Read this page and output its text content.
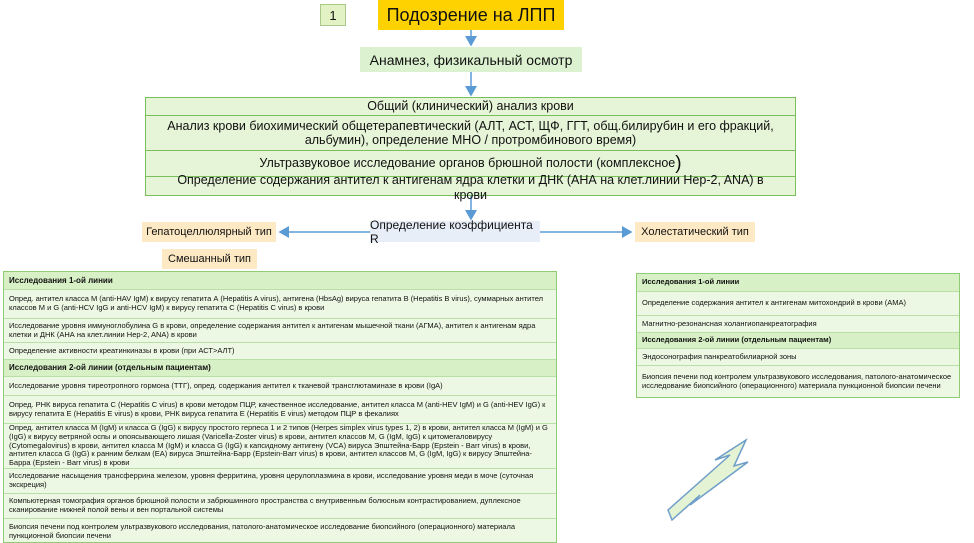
1	Подозрение на ЛПП
Анамнез, физикальный осмотр
Общий (клинический) анализ крови
Анализ крови биохимический общетерапевтический (АЛТ, АСТ, ЩФ, ГГТ, общ.билирубин и его фракций, альбумин), определение МНО / протромбинового время)
Ультразвуковое исследование органов брюшной полости (комплексное )
Определение содержания антител к антигенам ядра клетки и ДНК (АНА на клет.линии Hep-2, ANA) в крови
Определение коэффициента R
Гепатоцеллюлярный тип
Смешанный тип
Холестатический тип
Исследования 1-ой линии
Опред. антител класса М (anti-HAV IgM) к вирусу гепатита А (Hepatitis A virus), антигена (HbsAg) вируса гепатита В (Hepatitis B virus), суммарных антител классов M и G (anti-HCV IgG и anti-HCV IgM) к вирусу гепатита С (Hepatitis C virus) в крови
Исследование уровня иммуноглобулина G в крови, определение содержания антител к антигенам мышечной ткани (АГМА), антител к антигенам ядра клетки и ДНК (АНА на клет.линии Hep-2, ANA) в крови
Определение активности креатинкиназы в крови (при АСТ>АЛТ)
Исследования 2-ой линии (отдельным пациентам)
Исследование уровня тиреотропного гормона (ТТГ), опред. содержания антител к тканевой трансглютаминазе в крови (IgA)
Опред. РНК вируса гепатита С (Hepatitis C virus) в крови методом ПЦР, качественное исследование, антител класса М (anti-HEV IgM) и G (anti-HEV IgG) к вирусу гепатита Е (Hepatitis E virus) в крови, РНК вируса гепатита E (Hepatitis E virus) методом ПЦР в фекалиях
Опред. антител класса M (IgM) и класса G (IgG) к вирусу простого герпеса 1 и 2 типов (Herpes simplex virus types 1, 2) в крови, антител класса M (IgM) и G (IgG) к вирусу ветряной оспы и опоясывающего лишая (Varicella-Zoster virus) в крови, антител классов M, G (IgM, IgG) к цитомегаловирусу (Cytomegalovirus) в крови, антител класса M (IgM) и класса G (IgG) к капсидному антигену (VCA) вируса Эпштейна-Барр (Epstein - Barr virus) в крови, антител класса G (IgG) к ранним белкам (EA) вируса Эпштейна-Барр (Epstein-Barr virus) в крови, антител классов M, G (IgM, IgG) к вирусу Эпштейна-Барра (Epstein - Barr virus) в крови
Исследование насыщения трансферрина железом, уровня ферритина, уровня церулоплазмина в крови, исследование уровня меди в моче (суточная экскреция)
Компьютерная томография органов брюшной полости и забрюшинного пространства с внутривенным болюсным контрастированием, дуплексное сканирование нижней полой вены и вен портальной системы
Биопсия печени под контролем ультразвукового исследования, патолого-анатомическое исследование биопсийного (операционного) материала пункционной биопсии печени
Исследования 1-ой линии
Определение содержания антител к антигенам митохондрий в крови (АМА)
Магнитно-резонансная холангиопанкреатография
Исследования 2-ой линии (отдельным пациентам)
Эндосонография панкреатобилиарной зоны
Биопсия печени под контролем ультразвукового исследования, патолого-анатомическое исследование биопсийного (операционного) материала пункционной биопсии печени
